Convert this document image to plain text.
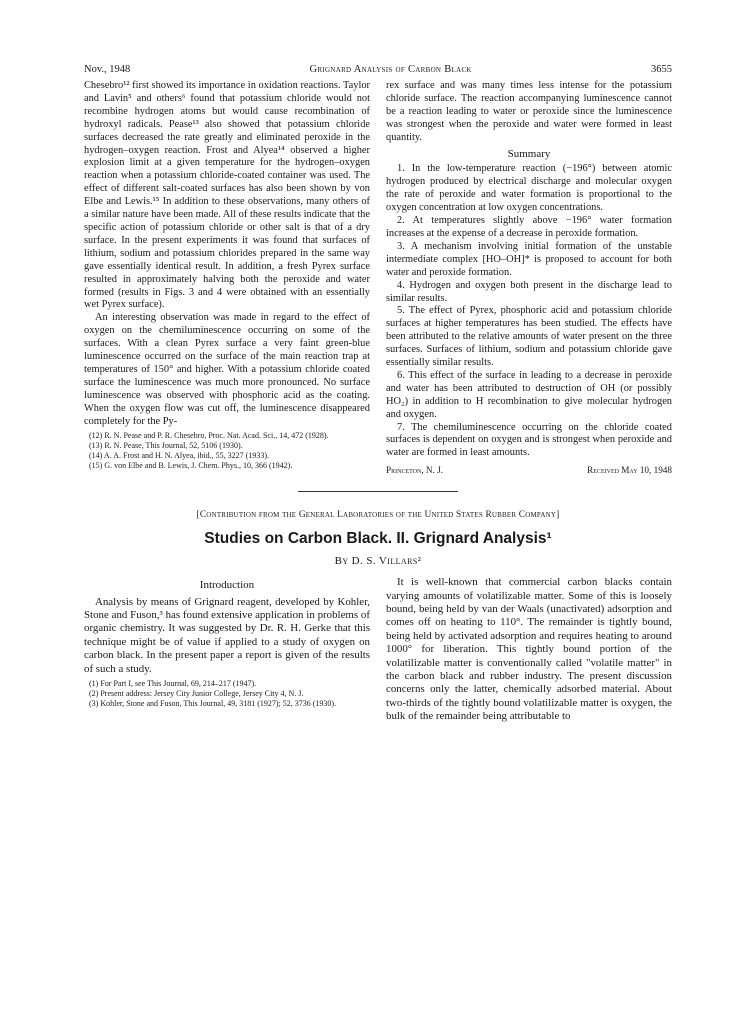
Nov., 1948	Grignard Analysis of Carbon Black	3655

Chesebro¹² first showed its importance in oxidation reactions. Taylor and Lavin⁵ and others⁶ found that potassium chloride would not recombine hydrogen atoms but would cause recombination of hydroxyl radicals. Pease¹³ also showed that potassium chloride surfaces decreased the rate greatly and eliminated peroxide in the hydrogen–oxygen reaction. Frost and Alyea¹⁴ observed a higher explosion limit at a given temperature for the hydrogen–oxygen reaction when a potassium chloride-coated container was used. The effect of different salt-coated surfaces has also been shown by von Elbe and Lewis.¹⁵ In addition to these observations, many others of a similar nature have been made. All of these results indicate that the specific action of potassium chloride or other salt is that of a dry surface. In the present experiments it was found that surfaces of lithium, sodium and potassium chlorides prepared in the same way gave essentially identical result. In addition, a fresh Pyrex surface resulted in approximately halving both the peroxide and water formed (results in Figs. 3 and 4 were obtained with an essentially wet Pyrex surface).

An interesting observation was made in regard to the effect of oxygen on the chemiluminescence occurring on some of the surfaces. With a clean Pyrex surface a very faint green-blue luminescence occurred on the surface of the main reaction trap at temperatures of 150° and higher. With a potassium chloride coated surface the luminescence was much more pronounced. No surface luminescence was observed with phosphoric acid as the coating. When the oxygen flow was cut off, the luminescence disappeared completely for the Py-

(12) R. N. Pease and P. R. Chesebro, Proc. Nat. Acad. Sci., 14, 472 (1928).
(13) R. N. Pease, This Journal, 52, 5106 (1930).
(14) A. A. Frost and H. N. Alyea, ibid., 55, 3227 (1933).
(15) G. von Elbe and B. Lewis, J. Chem. Phys., 10, 366 (1942).

rex surface and was many times less intense for the potassium chloride surface. The reaction accompanying luminescence cannot be a reaction leading to water or peroxide since the luminescence was strongest when the peroxide and water were formed in least quantity.

Summary

1. In the low-temperature reaction (−196°) between atomic hydrogen produced by electrical discharge and molecular oxygen the rate of peroxide and water formation is proportional to the oxygen concentration at low oxygen concentrations.

2. At temperatures slightly above −196° water formation increases at the expense of a decrease in peroxide formation.

3. A mechanism involving initial formation of the unstable intermediate complex [HO–OH]* is proposed to account for both water and peroxide formation.

4. Hydrogen and oxygen both present in the discharge lead to similar results.

5. The effect of Pyrex, phosphoric acid and potassium chloride surfaces at higher temperatures has been studied. The effects have been attributed to the relative amounts of water present on the three surfaces. Surfaces of lithium, sodium and potassium chloride gave essentially similar results.

6. This effect of the surface in leading to a decrease in peroxide and water has been attributed to destruction of OH (or possibly HO₂) in addition to H recombination to give molecular hydrogen and oxygen.

7. The chemiluminescence occurring on the chloride coated surfaces is dependent on oxygen and is strongest when peroxide and water are formed in least amounts.

Princeton, N. J.	Received May 10, 1948
[Contribution from the General Laboratories of the United States Rubber Company]
Studies on Carbon Black. II. Grignard Analysis¹
By D. S. Villars²
Introduction

Analysis by means of Grignard reagent, developed by Kohler, Stone and Fuson,³ has found extensive application in problems of organic chemistry. It was suggested by Dr. R. H. Gerke that this technique might be of value if applied to a study of oxygen on carbon black. In the present paper a report is given of the results of such a study.

(1) For Part I, see This Journal, 69, 214–217 (1947).
(2) Present address: Jersey City Junior College, Jersey City 4, N. J.
(3) Kohler, Stone and Fuson, This Journal, 49, 3181 (1927); 52, 3736 (1930).

It is well-known that commercial carbon blacks contain varying amounts of volatilizable matter. Some of this is loosely bound, being held by van der Waals (unactivated) adsorption and comes off on heating to 110°. The remainder is tightly bound, being held by activated adsorption and requires heating to around 1000° for liberation. This tightly bound portion of the volatilizable matter is conventionally called "volatile matter" in the carbon black and rubber industry. The present discussion concerns only the latter, chemically adsorbed material. About two-thirds of the tightly bound volatilizable matter is oxygen, the bulk of the remainder being attributable to
